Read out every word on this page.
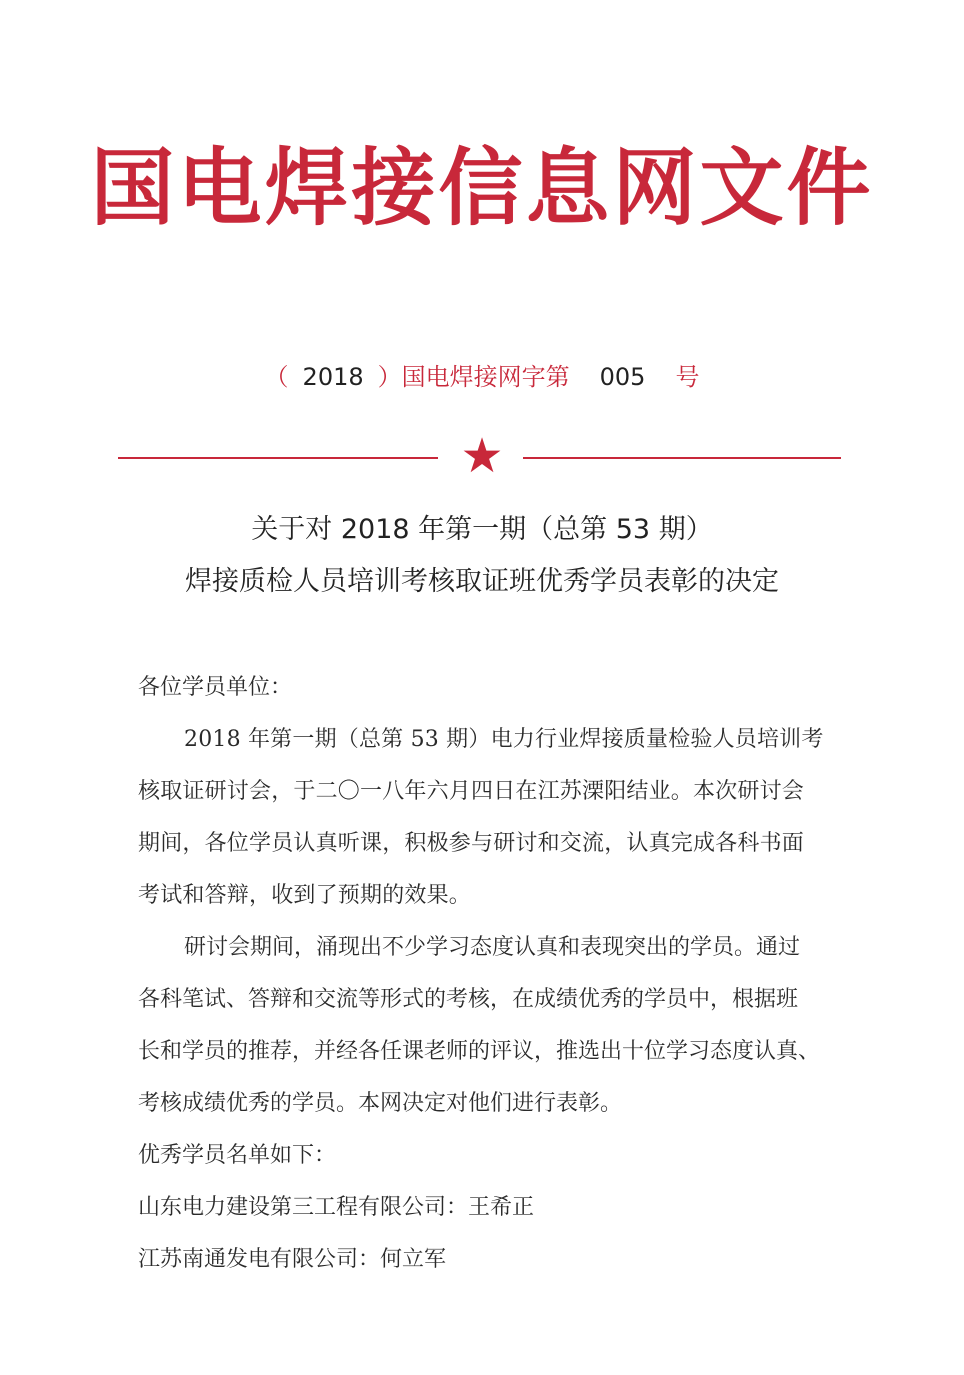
国电焊接信息网文件
（ 2018 ）国电焊接网字第 005 号
★
关于对 2018 年第一期（总第 53 期）
焊接质检人员培训考核取证班优秀学员表彰的决定
各位学员单位：
2018 年第一期（总第 53 期）电力行业焊接质量检验人员培训考
核取证研讨会，于二〇一八年六月四日在江苏溧阳结业。本次研讨会
期间，各位学员认真听课，积极参与研讨和交流，认真完成各科书面
考试和答辩，收到了预期的效果。
研讨会期间，涌现出不少学习态度认真和表现突出的学员。通过
各科笔试、答辩和交流等形式的考核，在成绩优秀的学员中，根据班
长和学员的推荐，并经各任课老师的评议，推选出十位学习态度认真、
考核成绩优秀的学员。本网决定对他们进行表彰。
优秀学员名单如下：
山东电力建设第三工程有限公司：王希正
江苏南通发电有限公司：何立军
